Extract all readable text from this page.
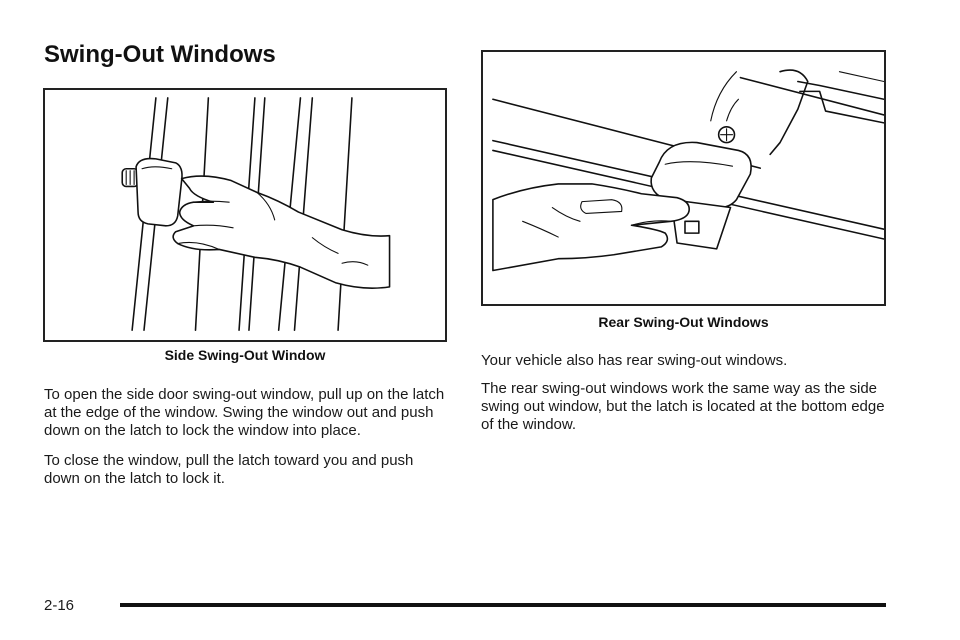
Swing-Out Windows
Side Swing-Out Window
Rear Swing-Out Windows

To open the side door swing-out window, pull up on the latch at the edge of the window. Swing the window out and push down on the latch to lock the window into place.

To close the window, pull the latch toward you and push down on the latch to lock it.

Your vehicle also has rear swing-out windows.

The rear swing-out windows work the same way as the side swing out window, but the latch is located at the bottom edge of the window.

2-16
